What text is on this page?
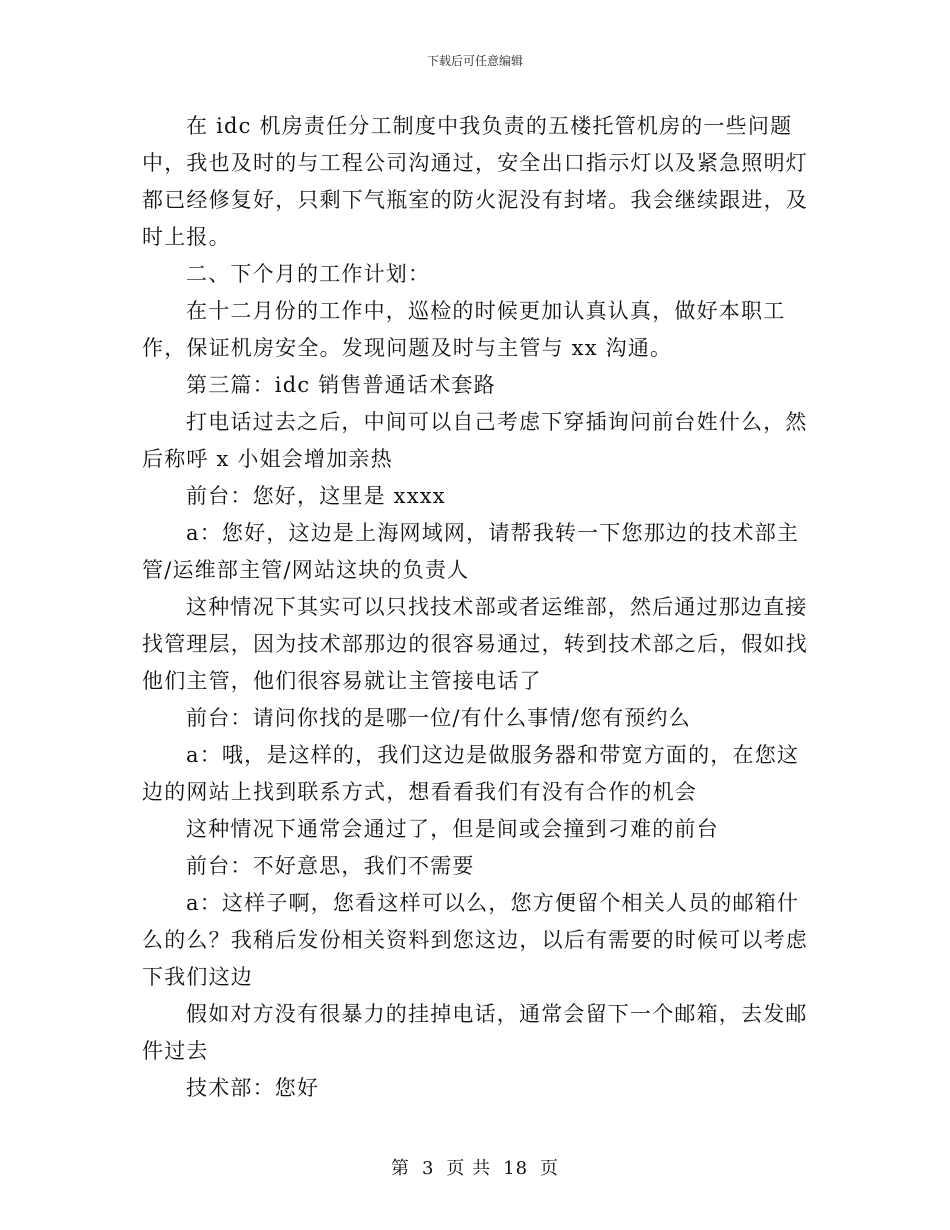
下载后可任意编辑

在 idc 机房责任分工制度中我负责的五楼托管机房的一些问题中，我也及时的与工程公司沟通过，安全出口指示灯以及紧急照明灯都已经修复好，只剩下气瓶室的防火泥没有封堵。我会继续跟进，及时上报。

二、下个月的工作计划：

在十二月份的工作中，巡检的时候更加认真认真，做好本职工作，保证机房安全。发现问题及时与主管与 xx 沟通。

第三篇：idc 销售普通话术套路

打电话过去之后，中间可以自己考虑下穿插询问前台姓什么，然后称呼 x 小姐会增加亲热

前台：您好，这里是 xxxx

a：您好，这边是上海网域网，请帮我转一下您那边的技术部主管/运维部主管/网站这块的负责人

这种情况下其实可以只找技术部或者运维部，然后通过那边直接找管理层，因为技术部那边的很容易通过，转到技术部之后，假如找他们主管，他们很容易就让主管接电话了

前台：请问你找的是哪一位/有什么事情/您有预约么

a：哦，是这样的，我们这边是做服务器和带宽方面的，在您这边的网站上找到联系方式，想看看我们有没有合作的机会

这种情况下通常会通过了，但是间或会撞到刁难的前台

前台：不好意思，我们不需要

a：这样子啊，您看这样可以么，您方便留个相关人员的邮箱什么的么？我稍后发份相关资料到您这边，以后有需要的时候可以考虑下我们这边

假如对方没有很暴力的挂掉电话，通常会留下一个邮箱，去发邮件过去

技术部：您好

第 3 页 共 18 页
